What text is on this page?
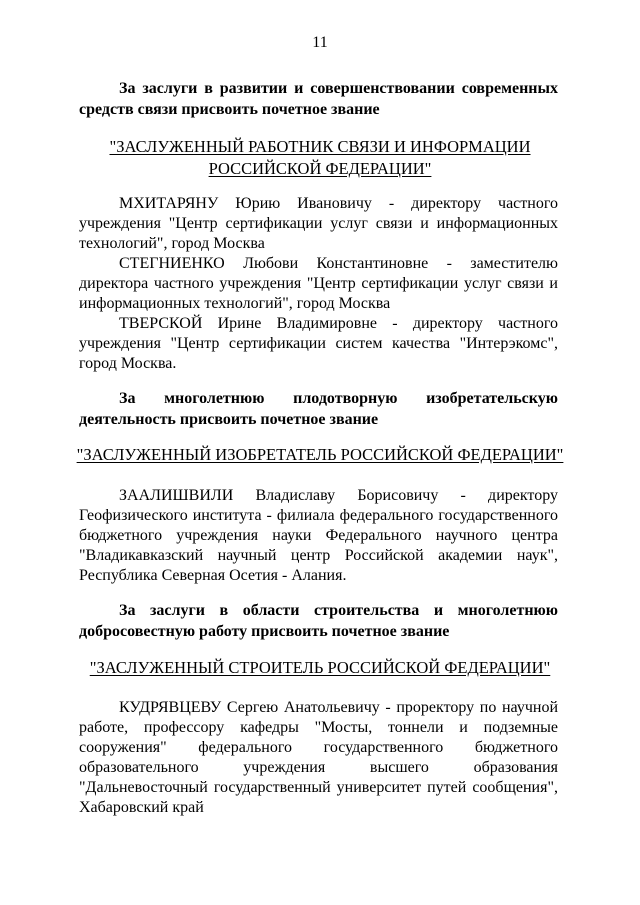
11
За заслуги в развитии и совершенствовании современных средств связи присвоить почетное звание
"ЗАСЛУЖЕННЫЙ РАБОТНИК СВЯЗИ И ИНФОРМАЦИИ
РОССИЙСКОЙ ФЕДЕРАЦИИ"
МХИТАРЯНУ Юрию Ивановичу - директору частного учреждения "Центр сертификации услуг связи и информационных технологий", город Москва
СТЕГНИЕНКО Любови Константиновне - заместителю директора частного учреждения "Центр сертификации услуг связи и информационных технологий", город Москва
ТВЕРСКОЙ Ирине Владимировне - директору частного учреждения "Центр сертификации систем качества "Интерэкомс", город Москва.
За многолетнюю плодотворную изобретательскую деятельность присвоить почетное звание
"ЗАСЛУЖЕННЫЙ ИЗОБРЕТАТЕЛЬ РОССИЙСКОЙ ФЕДЕРАЦИИ"
ЗААЛИШВИЛИ Владиславу Борисовичу - директору Геофизического института - филиала федерального государственного бюджетного учреждения науки Федерального научного центра "Владикавказский научный центр Российской академии наук", Республика Северная Осетия - Алания.
За заслуги в области строительства и многолетнюю добросовестную работу присвоить почетное звание
"ЗАСЛУЖЕННЫЙ СТРОИТЕЛЬ РОССИЙСКОЙ ФЕДЕРАЦИИ"
КУДРЯВЦЕВУ Сергею Анатольевичу - проректору по научной работе, профессору кафедры "Мосты, тоннели и подземные сооружения" федерального государственного бюджетного образовательного учреждения высшего образования "Дальневосточный государственный университет путей сообщения", Хабаровский край
